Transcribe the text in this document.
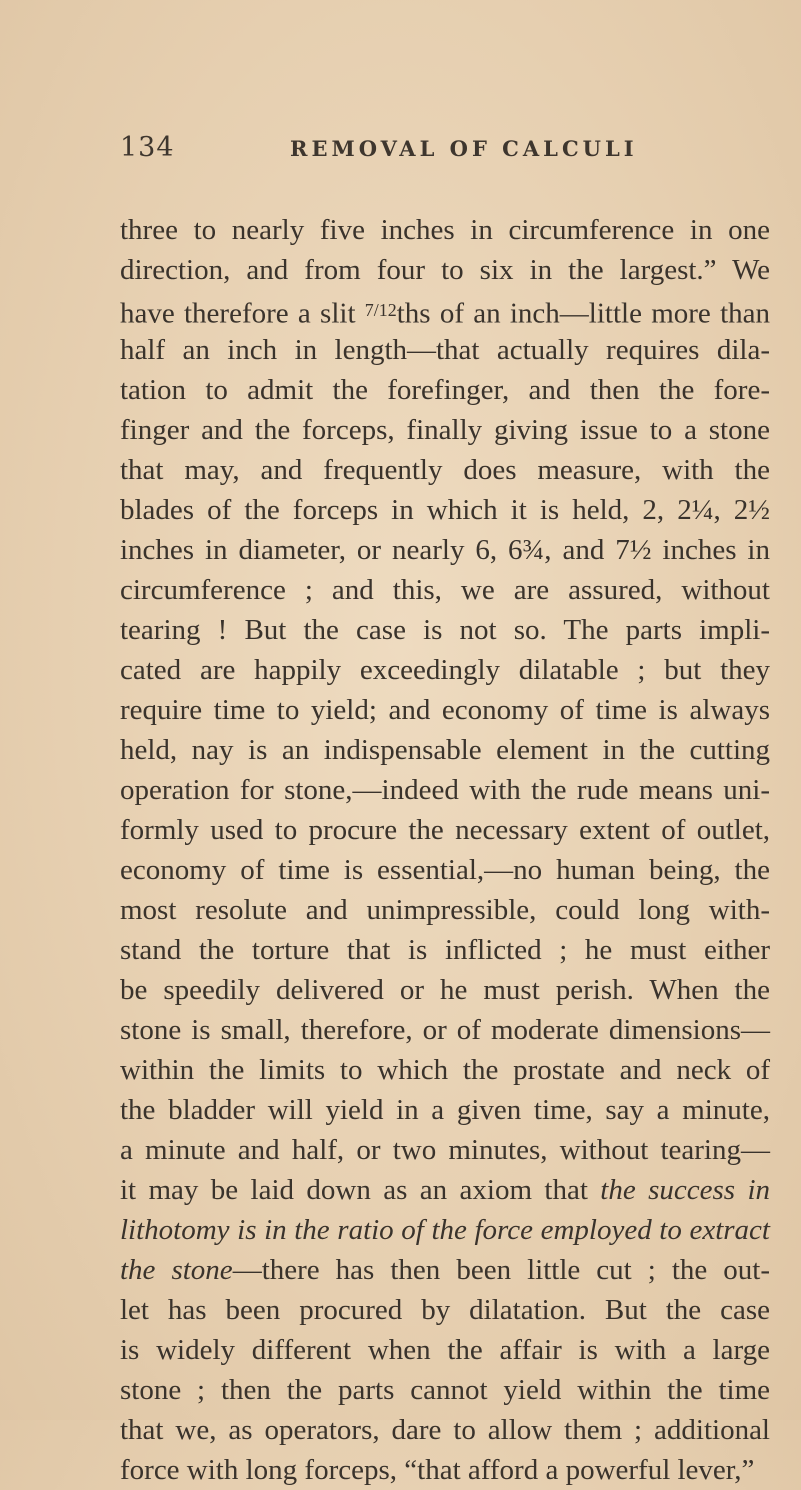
134	REMOVAL OF CALCULI
three to nearly five inches in circumference in one
direction, and from four to six in the largest.” We
have therefore a slit $^{7/12}$ths of an inch—little more than
half an inch in length—that actually requires dila-
tation to admit the forefinger, and then the fore-
finger and the forceps, finally giving issue to a stone
that may, and frequently does measure, with the
blades of the forceps in which it is held, 2, 2¼, 2½
inches in diameter, or nearly 6, 6¾, and 7½ inches in
circumference ; and this, we are assured, without
tearing ! But the case is not so. The parts impli-
cated are happily exceedingly dilatable ; but they
require time to yield; and economy of time is always
held, nay is an indispensable element in the cutting
operation for stone,—indeed with the rude means uni-
formly used to procure the necessary extent of outlet,
economy of time is essential,—no human being, the
most resolute and unimpressible, could long with-
stand the torture that is inflicted ; he must either
be speedily delivered or he must perish. When the
stone is small, therefore, or of moderate dimensions—
within the limits to which the prostate and neck of
the bladder will yield in a given time, say a minute,
a minute and half, or two minutes, without tearing—
it may be laid down as an axiom that the success in
lithotomy is in the ratio of the force employed to extract
the stone—there has then been little cut ; the out-
let has been procured by dilatation. But the case
is widely different when the affair is with a large
stone ; then the parts cannot yield within the time
that we, as operators, dare to allow them ; additional
force with long forceps, “that afford a powerful lever,”
